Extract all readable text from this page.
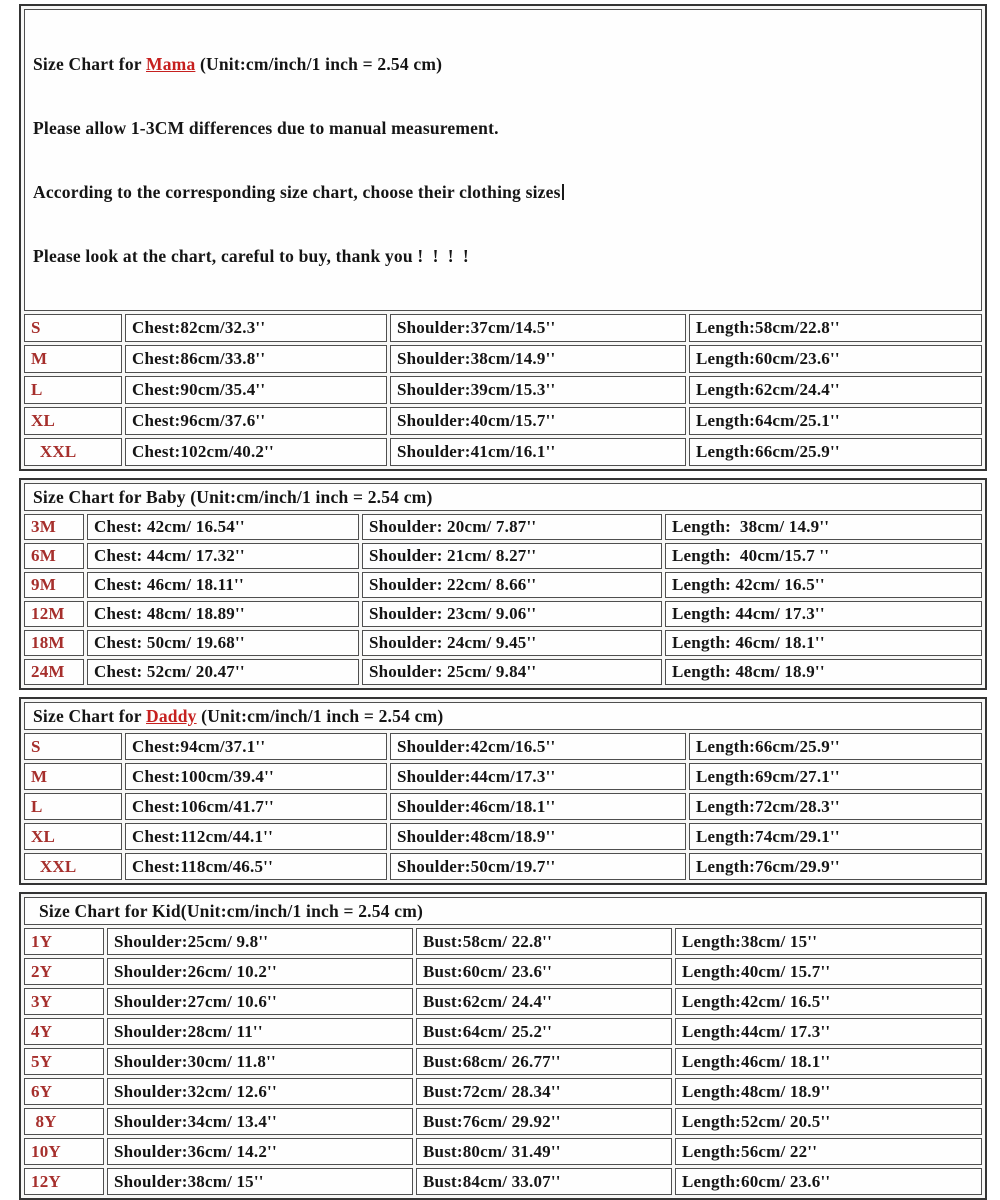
Size Chart for Mama (Unit:cm/inch/1 inch = 2.54 cm)

Please allow 1-3CM differences due to manual measurement.

According to the corresponding size chart, choose their clothing sizes

Please look at the chart, careful to buy, thank you !  !  !  !			

S	Chest:82cm/32.3''	Shoulder:37cm/14.5''	Length:58cm/22.8''
M	Chest:86cm/33.8''	Shoulder:38cm/14.9''	Length:60cm/23.6''
L	Chest:90cm/35.4''	Shoulder:39cm/15.3''	Length:62cm/24.4''
XL	Chest:96cm/37.6''	Shoulder:40cm/15.7''	Length:64cm/25.1''
XXL	Chest:102cm/40.2''	Shoulder:41cm/16.1''	Length:66cm/25.9''
Size Chart for Baby (Unit:cm/inch/1 inch = 2.54 cm)			
3M	Chest: 42cm/ 16.54''	Shoulder: 20cm/ 7.87''	Length:  38cm/ 14.9''
6M	Chest: 44cm/ 17.32''	Shoulder: 21cm/ 8.27''	Length:  40cm/15.7 ''
9M	Chest: 46cm/ 18.11''	Shoulder: 22cm/ 8.66''	Length: 42cm/ 16.5''
12M	Chest: 48cm/ 18.89''	Shoulder: 23cm/ 9.06''	Length: 44cm/ 17.3''
18M	Chest: 50cm/ 19.68''	Shoulder: 24cm/ 9.45''	Length: 46cm/ 18.1''
24M	Chest: 52cm/ 20.47''	Shoulder: 25cm/ 9.84''	Length: 48cm/ 18.9''
Size Chart for Daddy (Unit:cm/inch/1 inch = 2.54 cm)			
S	Chest:94cm/37.1''	Shoulder:42cm/16.5''	Length:66cm/25.9''
M	Chest:100cm/39.4''	Shoulder:44cm/17.3''	Length:69cm/27.1''
L	Chest:106cm/41.7''	Shoulder:46cm/18.1''	Length:72cm/28.3''
XL	Chest:112cm/44.1''	Shoulder:48cm/18.9''	Length:74cm/29.1''
XXL	Chest:118cm/46.5''	Shoulder:50cm/19.7''	Length:76cm/29.9''
Size Chart for Kid(Unit:cm/inch/1 inch = 2.54 cm)			
1Y	Shoulder:25cm/ 9.8''	Bust:58cm/ 22.8''	Length:38cm/ 15''
2Y	Shoulder:26cm/ 10.2''	Bust:60cm/ 23.6''	Length:40cm/ 15.7''
3Y	Shoulder:27cm/ 10.6''	Bust:62cm/ 24.4''	Length:42cm/ 16.5''
4Y	Shoulder:28cm/ 11''	Bust:64cm/ 25.2''	Length:44cm/ 17.3''
5Y	Shoulder:30cm/ 11.8''	Bust:68cm/ 26.77''	Length:46cm/ 18.1''
6Y	Shoulder:32cm/ 12.6''	Bust:72cm/ 28.34''	Length:48cm/ 18.9''
8Y	Shoulder:34cm/ 13.4''	Bust:76cm/ 29.92''	Length:52cm/ 20.5''
10Y	Shoulder:36cm/ 14.2''	Bust:80cm/ 31.49''	Length:56cm/ 22''
12Y	Shoulder:38cm/ 15''	Bust:84cm/ 33.07''	Length:60cm/ 23.6''
